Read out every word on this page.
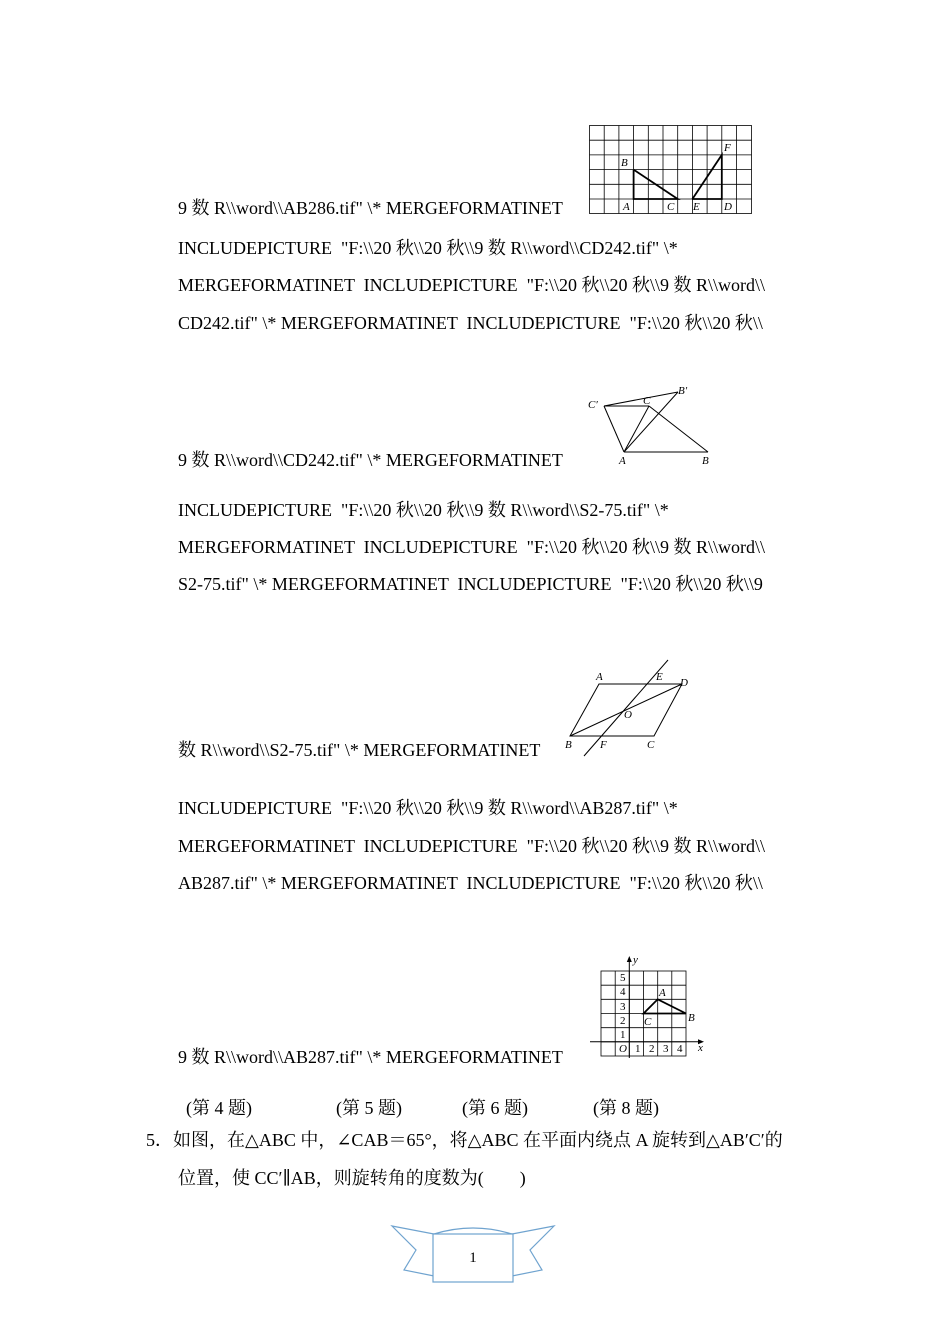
9 数 R\\word\\AB286.tif" \* MERGEFORMATINET
INCLUDEPICTURE  "F:\\20 秋\\20 秋\\9 数 R\\word\\CD242.tif" \*
MERGEFORMATINET  INCLUDEPICTURE  "F:\\20 秋\\20 秋\\9 数 R\\word\\
CD242.tif" \* MERGEFORMATINET  INCLUDEPICTURE  "F:\\20 秋\\20 秋\\
9 数 R\\word\\CD242.tif" \* MERGEFORMATINET
INCLUDEPICTURE  "F:\\20 秋\\20 秋\\9 数 R\\word\\S2-75.tif" \*
MERGEFORMATINET  INCLUDEPICTURE  "F:\\20 秋\\20 秋\\9 数 R\\word\\
S2-75.tif" \* MERGEFORMATINET  INCLUDEPICTURE  "F:\\20 秋\\20 秋\\9
数 R\\word\\S2-75.tif" \* MERGEFORMATINET
INCLUDEPICTURE  "F:\\20 秋\\20 秋\\9 数 R\\word\\AB287.tif" \*
MERGEFORMATINET  INCLUDEPICTURE  "F:\\20 秋\\20 秋\\9 数 R\\word\\
AB287.tif" \* MERGEFORMATINET  INCLUDEPICTURE  "F:\\20 秋\\20 秋\\
9 数 R\\word\\AB287.tif" \* MERGEFORMATINET
B
F
A	C E D
C′	C
B′
A	B
A	E D
O
B	F	C
y
5
4
3
2
1
O 1 2 3 4 x
A
B
C
(第 4 题)	(第 5 题)	(第 6 题)	(第 8 题)
5．如图，在△ABC 中，∠CAB＝65°，将△ABC 在平面内绕点 A 旋转到△AB′C′的
位置，使 CC′∥AB，则旋转角的度数为(　　)
1
